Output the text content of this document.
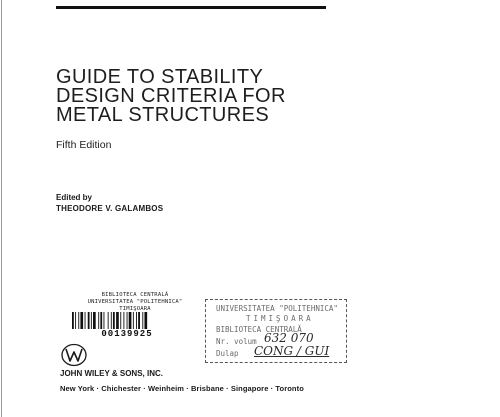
GUIDE TO STABILITY
DESIGN CRITERIA FOR
METAL STRUCTURES
Fifth Edition
Edited by
THEODORE V. GALAMBOS
BIBLIOTECA CENTRALĂ
UNIVERSITATEA "POLITEHNICA"
TIMIŞOARA
00139925
UNIVERSITATEA "POLITEHNICA"
TIMIŞOARA
BIBLIOTECA CENTRALĂ
Nr. volum
Dulap
632 070
CONG / GUI
JOHN WILEY & SONS, INC.
New York · Chichester · Weinheim · Brisbane · Singapore · Toronto
